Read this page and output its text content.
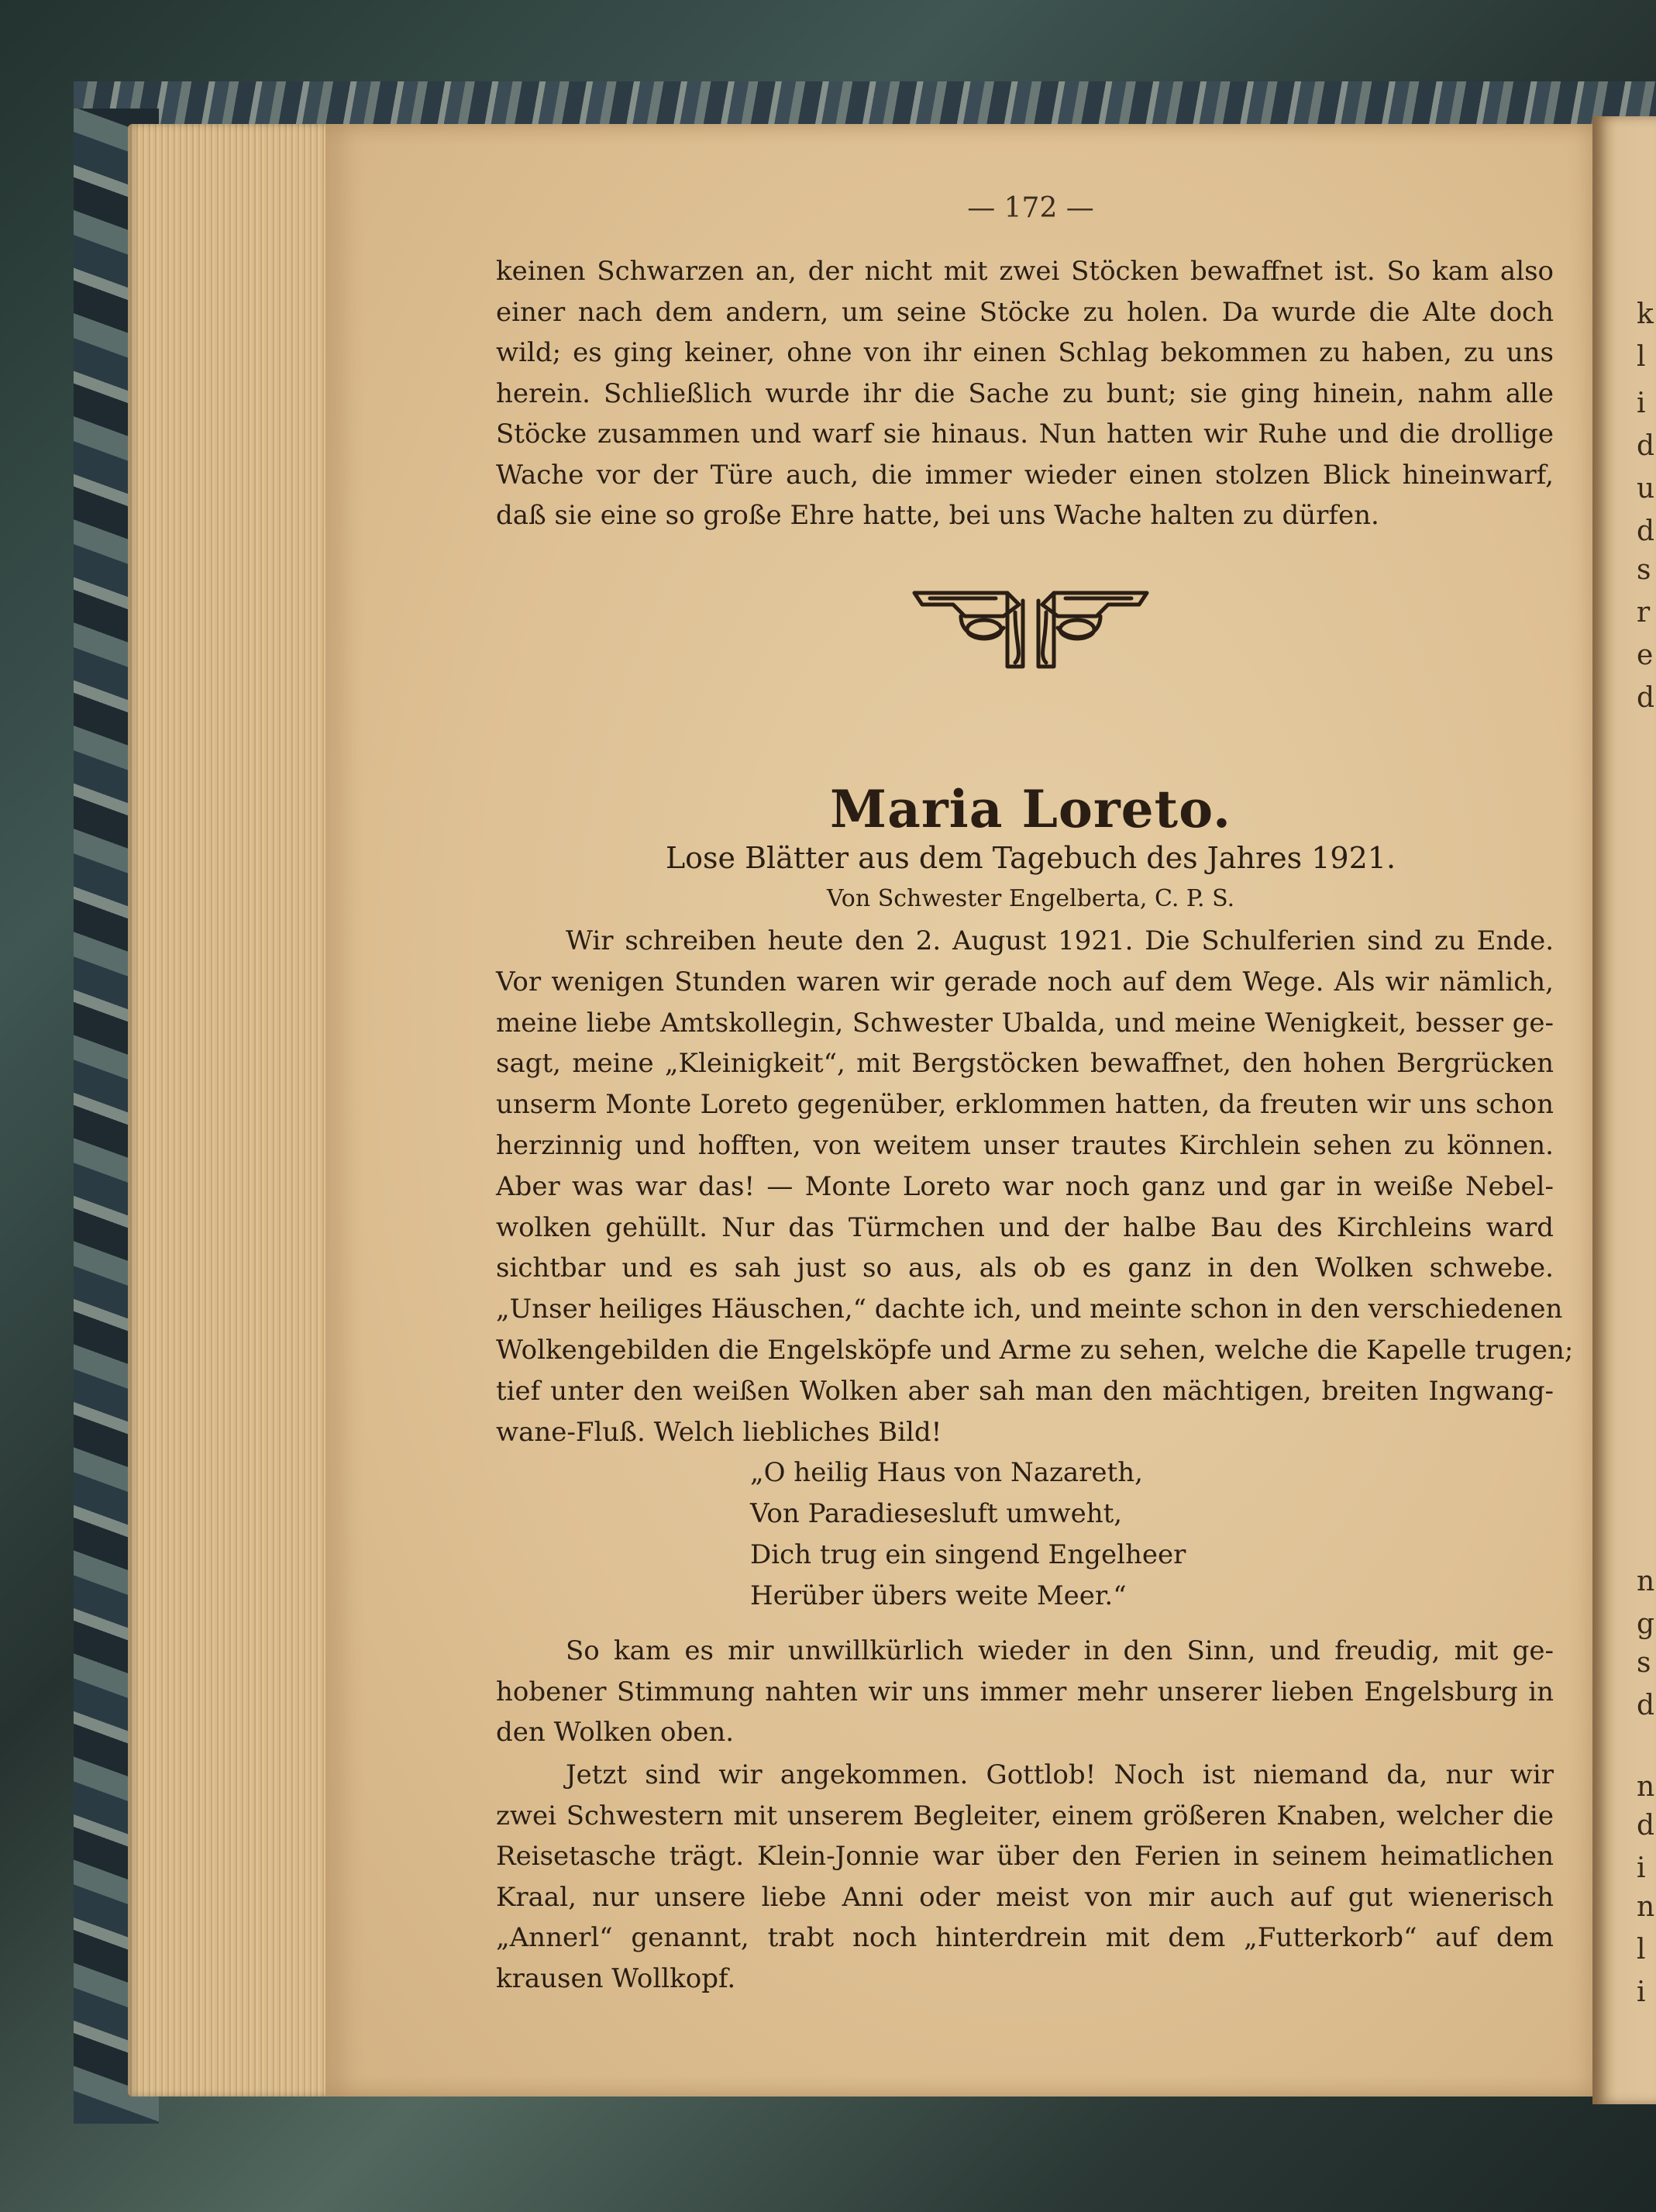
k
l
i
d
u
d
s
r
e
d
n
g
s
d
n
d
i
n
l
i
— 172 —
keinen Schwarzen an, der nicht mit zwei Stöcken bewaffnet ist. So kam also
einer nach dem andern, um seine Stöcke zu holen. Da wurde die Alte doch
wild; es ging keiner, ohne von ihr einen Schlag bekommen zu haben, zu uns
herein. Schließlich wurde ihr die Sache zu bunt; sie ging hinein, nahm alle
Stöcke zusammen und warf sie hinaus. Nun hatten wir Ruhe und die drollige
Wache vor der Türe auch, die immer wieder einen stolzen Blick hineinwarf,
daß sie eine so große Ehre hatte, bei uns Wache halten zu dürfen.
Maria Loreto.
Lose Blätter aus dem Tagebuch des Jahres 1921.
Von Schwester Engelberta, C. P. S.
Wir schreiben heute den 2. August 1921. Die Schulferien sind zu Ende.
Vor wenigen Stunden waren wir gerade noch auf dem Wege. Als wir nämlich,
meine liebe Amtskollegin, Schwester Ubalda, und meine Wenigkeit, besser ge-
sagt, meine „Kleinigkeit“, mit Bergstöcken bewaffnet, den hohen Bergrücken
unserm Monte Loreto gegenüber, erklommen hatten, da freuten wir uns schon
herzinnig und hofften, von weitem unser trautes Kirchlein sehen zu können.
Aber was war das! — Monte Loreto war noch ganz und gar in weiße Nebel-
wolken gehüllt. Nur das Türmchen und der halbe Bau des Kirchleins ward
sichtbar und es sah just so aus, als ob es ganz in den Wolken schwebe.
„Unser heiliges Häuschen,“ dachte ich, und meinte schon in den verschiedenen
Wolkengebilden die Engelsköpfe und Arme zu sehen, welche die Kapelle trugen;
tief unter den weißen Wolken aber sah man den mächtigen, breiten Ingwang-
wane-Fluß. Welch liebliches Bild!
„O heilig Haus von Nazareth,
Von Paradiesesluft umweht,
Dich trug ein singend Engelheer
Herüber übers weite Meer.“
So kam es mir unwillkürlich wieder in den Sinn, und freudig, mit ge-
hobener Stimmung nahten wir uns immer mehr unserer lieben Engelsburg in
den Wolken oben.
Jetzt sind wir angekommen. Gottlob! Noch ist niemand da, nur wir
zwei Schwestern mit unserem Begleiter, einem größeren Knaben, welcher die
Reisetasche trägt. Klein-Jonnie war über den Ferien in seinem heimatlichen
Kraal, nur unsere liebe Anni oder meist von mir auch auf gut wienerisch
„Annerl“ genannt, trabt noch hinterdrein mit dem „Futterkorb“ auf dem
krausen Wollkopf.
